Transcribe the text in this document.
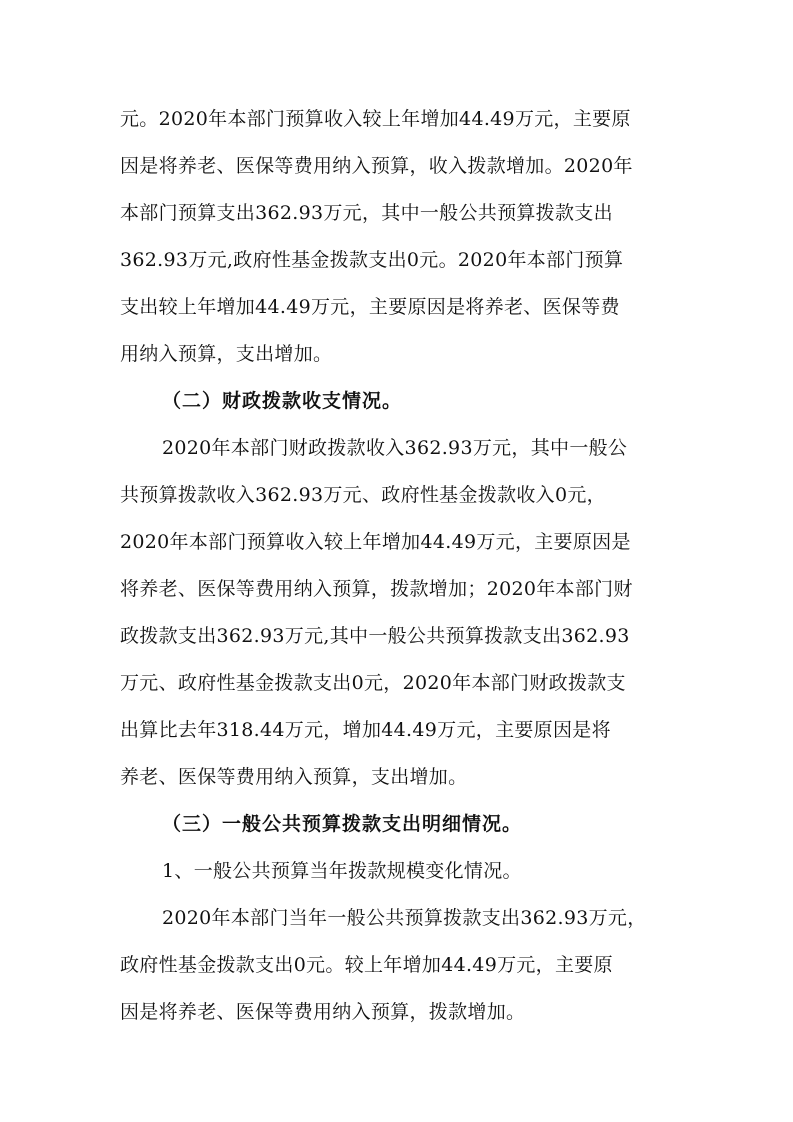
元。2020年本部门预算收入较上年增加44.49万元，主要原
因是将养老、医保等费用纳入预算，收入拨款增加。2020年
本部门预算支出362.93万元，其中一般公共预算拨款支出
362.93万元,政府性基金拨款支出0元。2020年本部门预算
支出较上年增加44.49万元，主要原因是将养老、医保等费
用纳入预算，支出增加。
（二）财政拨款收支情况。
2020年本部门财政拨款收入362.93万元，其中一般公
共预算拨款收入362.93万元、政府性基金拨款收入0元，
2020年本部门预算收入较上年增加44.49万元，主要原因是
将养老、医保等费用纳入预算，拨款增加；2020年本部门财
政拨款支出362.93万元,其中一般公共预算拨款支出362.93
万元、政府性基金拨款支出0元，2020年本部门财政拨款支
出算比去年318.44万元，增加44.49万元，主要原因是将
养老、医保等费用纳入预算，支出增加。
（三）一般公共预算拨款支出明细情况。
1、一般公共预算当年拨款规模变化情况。
2020年本部门当年一般公共预算拨款支出362.93万元，
政府性基金拨款支出0元。较上年增加44.49万元，主要原
因是将养老、医保等费用纳入预算，拨款增加。
